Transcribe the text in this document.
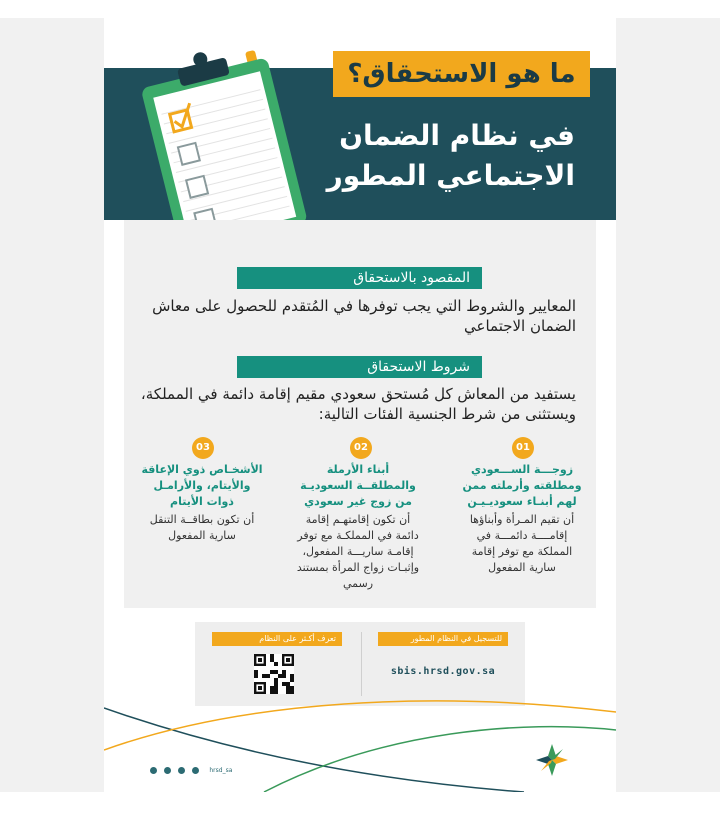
ما هو الاستحقاق؟
في نظام الضمان
الاجتماعي المطور
المقصود بالاستحقاق
المعايير والشروط التي يجب توفرها في المُتقدم للحصول على معاش الضمان الاجتماعي
شروط الاستحقاق
يستفيد من المعاش كل مُستحق سعودي مقيم إقامة دائمة في المملكة، ويستثنى من شرط الجنسية الفئات التالية:
01
02
03
زوجـــة الســـعودي ومطلقته وأرملته ممن لهم أبنـاء سعوديـيـن
أن تقيم المـرأة وأبناؤها إقامــــة دائمـــة في المملكة مع توفر إقامة سارية المفعول
أبناء الأرملة والمطلقــة السعوديـة من زوج غير سعودي
أن تكون إقامتهـم إقامة دائمة في المملكـة مع توفر إقامـة ساريـــة المفعول، وإثبـات زواج المرأة بمستند رسمي
الأشخـاص ذوي الإعاقة والأيتام، والأرامـل ذوات الأيتام
أن تكون بطاقــة التنقل سارية المفعول
للتسجيل في النظام المطور
تعرف أكـثر على النظام
sbis.hrsd.gov.sa
hrsd_sa
